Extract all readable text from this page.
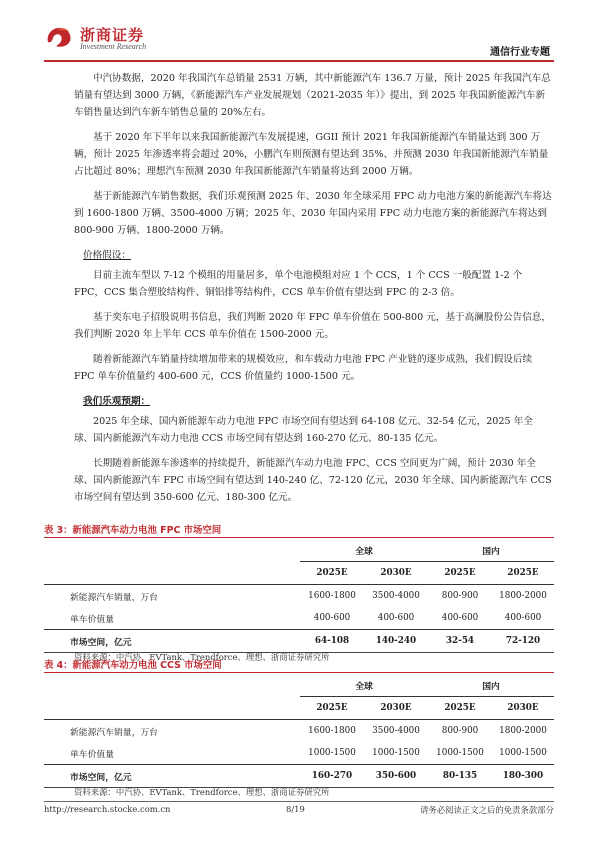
浙商证券
Investment Research
通信行业专题

中汽协数据，2020 年我国汽车总销量 2531 万辆，其中新能源汽车 136.7 万量，预计 2025 年我国汽车总销量有望达到 3000 万辆，《新能源汽车产业发展规划（2021-2035 年）》提出，到 2025 年我国新能源汽车新车销售量达到汽车新车销售总量的 20%左右。

基于 2020 年下半年以来我国新能源汽车发展提速，GGII 预计 2021 年我国新能源汽车销量达到 300 万辆，预计 2025 年渗透率将会超过 20%，小鹏汽车则预测有望达到 35%、并预测 2030 年我国新能源汽车销量占比超过 80%；理想汽车预测 2030 年我国新能源汽车销量将达到 2000 万辆。

基于新能源汽车销售数据，我们乐观预测 2025 年、2030 年全球采用 FPC 动力电池方案的新能源汽车将达到 1600-1800 万辆、3500-4000 万辆；2025 年、2030 年国内采用 FPC 动力电池方案的新能源汽车将达到 800-900 万辆、1800-2000 万辆。

价格假设：

目前主流车型以 7-12 个模组的用量居多，单个电池模组对应 1 个 CCS，1 个 CCS 一般配置 1-2 个 FPC，CCS 集合塑胶结构件、铜铝排等结构件，CCS 单车价值有望达到 FPC 的 2-3 倍。

基于奕东电子招股说明书信息，我们判断 2020 年 FPC 单车价值在 500-800 元，基于高澜股份公告信息，我们判断 2020 年上半年 CCS 单车价值在 1500-2000 元。

随着新能源汽车销量持续增加带来的规模效应，和车载动力电池 FPC 产业链的逐步成熟，我们假设后续 FPC 单车价值量约 400-600 元，CCS 价值量约 1000-1500 元。

我们乐观预期：

2025 年全球、国内新能源车动力电池 FPC 市场空间有望达到 64-108 亿元、32-54 亿元，2025 年全球、国内新能源汽车动力电池 CCS 市场空间有望达到 160-270 亿元、80-135 亿元。

长期随着新能源车渗透率的持续提升，新能源汽车动力电池 FPC、CCS 空间更为广阔，预计 2030 年全球、国内新能源汽车 FPC 市场空间有望达到 140-240 亿、72-120 亿元，2030 年全球、国内新能源汽车 CCS 市场空间有望达到 350-600 亿元、180-300 亿元。

表 3：新能源汽车动力电池 FPC 市场空间
	全球		国内	
	2025E	2030E	2025E	2025E
新能源汽车销量，万台	1600-1800	3500-4000	800-900	1800-2000
单车价值量	400-600	400-600	400-600	400-600
市场空间，亿元	64-108	140-240	32-54	72-120
资料来源：中汽协、EVTank、Trendforce、理想、浙商证券研究所
表 4：新能源汽车动力电池 CCS 市场空间
	全球		国内	
	2025E	2030E	2025E	2030E
新能源汽车销量，万台	1600-1800	3500-4000	800-900	1800-2000
单车价值量	1000-1500	1000-1500	1000-1500	1000-1500
市场空间，亿元	160-270	350-600	80-135	180-300
资料来源：中汽协、EVTank、Trendforce、理想、浙商证券研究所
http://research.stocke.com.cn	8/19	请务必阅读正文之后的免责条款部分
